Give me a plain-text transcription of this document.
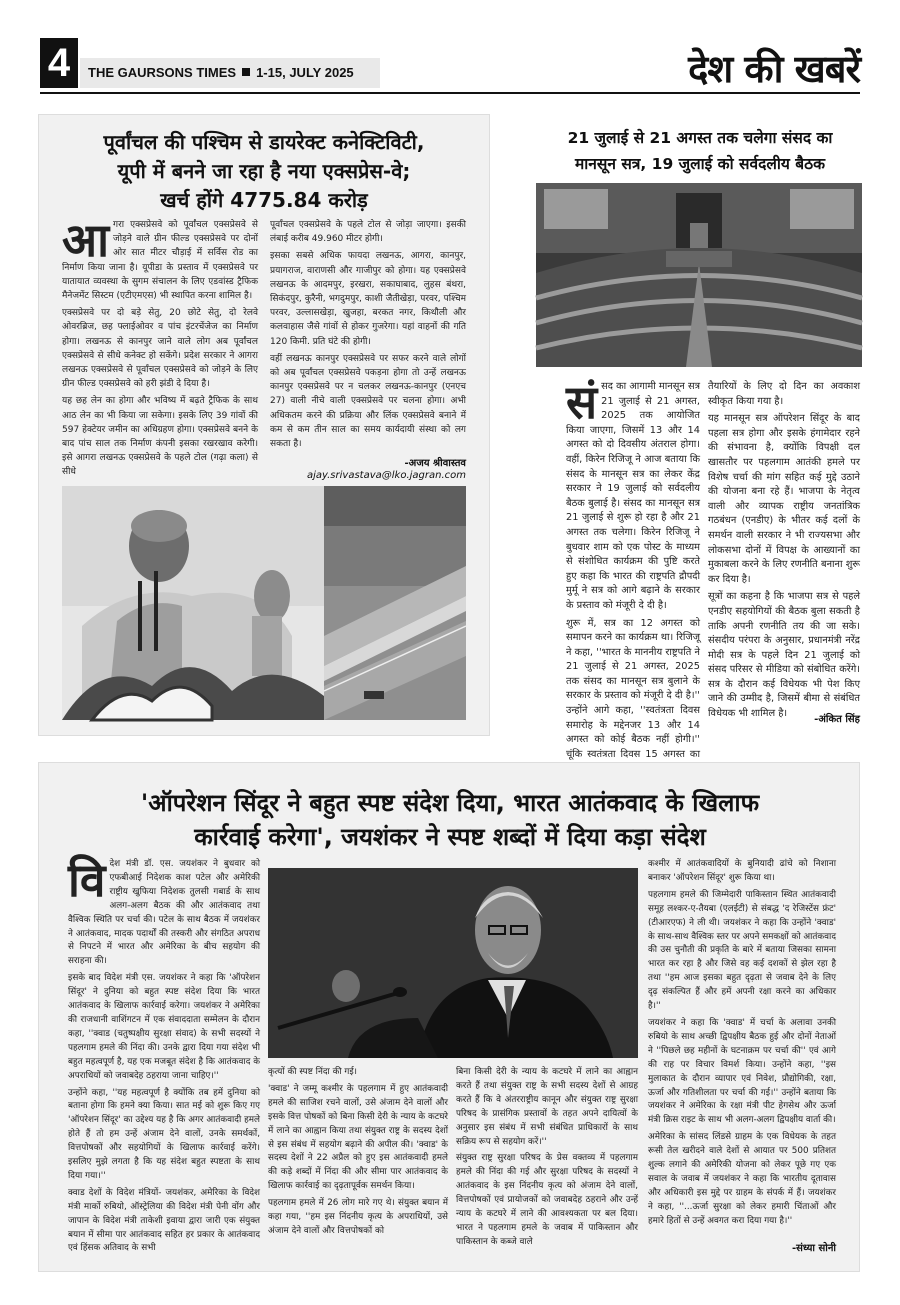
4	THE GAURSONS TIMES 1-15, JULY 2025	देश की खबरें
पूर्वांचल की पश्चिम से डायरेक्ट कनेक्टिविटी,
यूपी में बनने जा रहा है नया एक्सप्रेस-वे;
खर्च होंगे 4775.84 करोड़
आ गरा एक्सप्रेसवे को पूर्वांचल एक्सप्रेसवे से जोड़ने वाले ग्रीन फील्ड एक्सप्रेसवे पर दोनों ओर सात मीटर चौड़ाई में सर्विस रोड का निर्माण किया जाना है। यूपीडा के प्रस्ताव में एक्सप्रेसवे पर यातायात व्यवस्था के सुगम संचालन के लिए एडवांस्ड ट्रैफिक मैनेजमेंट सिस्टम (एटीएमएस) भी स्थापित करना शामिल है।

एक्सप्रेसवे पर दो बड़े सेतु, 20 छोटे सेतु, दो रेलवे ओवरब्रिज, छह फ्लाईओवर व पांच इंटरचेंजेज का निर्माण होगा। लखनऊ से कानपुर जाने वाले लोग अब पूर्वांचल एक्सप्रेसवे से सीधे कनेक्ट हो सकेंगे। प्रदेश सरकार ने आगरा लखनऊ एक्सप्रेसवे से पूर्वांचल एक्सप्रेसवे को जोड़ने के लिए ग्रीन फील्ड एक्सप्रेसवे को हरी झंडी दे दिया है।

यह छह लेन का होगा और भविष्य में बढ़ते ट्रैफिक के साथ आठ लेन का भी किया जा सकेगा। इसके लिए 39 गांवों की 597 हेक्टेयर जमीन का अधिग्रहण होगा। एक्सप्रेसवे बनने के बाद पांच साल तक निर्माण कंपनी इसका रखरखाव करेगी। इसे आगरा लखनऊ एक्सप्रेसवे के पहले टोल (गढ़ा कला) से सीधे

पूर्वांचल एक्सप्रेसवे के पहले टोल से जोड़ा जाएगा। इसकी लंबाई करीब 49.960 मीटर होगी।

इसका सबसे अधिक फायदा लखनऊ, आगरा, कानपुर, प्रयागराज, वाराणसी और गाजीपुर को होगा। यह एक्सप्रेसवे लखनऊ के आदमपुर, इरखरा, सकाघाबाद, लुहस बंथरा, सिकंदपुर, कुरैनी, भगदुमपुर, काशी जैतीखेड़ा, परवर, पश्चिम परवर, उल्लासखेड़ा, खुजहा, बरकत नगर, किथौली और कलवाहास जैसे गांवों से होकर गुजरेगा। यहां वाहनों की गति 120 किमी. प्रति घंटे की होगी।

वहीं लखनऊ कानपुर एक्सप्रेसवे पर सफर करने वाले लोगों को अब पूर्वांचल एक्सप्रेसवे पकड़ना होगा तो उन्हें लखनऊ कानपुर एक्सप्रेसवे पर न चलकर लखनऊ-कानपुर (एनएच 27) वाली नीचे वाली एक्सप्रेसवे पर चलना होगा। अभी अधिकतम करने की प्रक्रिया और लिंक एक्सप्रेसवे बनाने में कम से कम तीन साल का समय कार्यदायी संस्था को लग सकता है।

-अजय श्रीवास्तव
ajay.srivastava@lko.jagran.com
21 जुलाई से 21 अगस्त तक चलेगा संसद का
मानसून सत्र, 19 जुलाई को सर्वदलीय बैठक
सं सद का आगामी मानसून सत्र 21 जुलाई से 21 अगस्त, 2025 तक आयोजित किया जाएगा, जिसमें 13 और 14 अगस्त को दो दिवसीय अंतराल होगा। वहीं, किरेन रिजिजू ने आज बताया कि संसद के मानसून सत्र का लेकर केंद्र सरकार ने 19 जुलाई को सर्वदलीय बैठक बुलाई है। संसद का मानसून सत्र 21 जुलाई से शुरू हो रहा है और 21 अगस्त तक चलेगा। किरेन रिजिजू ने बुधवार शाम को एक पोस्ट के माध्यम से संशोधित कार्यक्रम की पुष्टि करते हुए कहा कि भारत की राष्ट्रपति द्रौपदी मुर्मू ने सत्र को आगे बढ़ाने के सरकार के प्रस्ताव को मंजूरी दे दी है।

शुरू में, सत्र का 12 अगस्त को समापन करने का कार्यक्रम था। रिजिजू ने कहा, ''भारत के माननीय राष्ट्रपति ने 21 जुलाई से 21 अगस्त, 2025 तक संसद का मानसून सत्र बुलाने के सरकार के प्रस्ताव को मंजूरी दे दी है।'' उन्होंने आगे कहा, ''स्वतंत्रता दिवस समारोह के मद्देनजर 13 और 14 अगस्त को कोई बैठक नहीं होगी।'' चूंकि स्वतंत्रता दिवस 15 अगस्त का

तैयारियों के लिए दो दिन का अवकाश स्वीकृत किया गया है।

यह मानसून सत्र ऑपरेशन सिंदूर के बाद पहला सत्र होगा और इसके हंगामेदार रहने की संभावना है, क्योंकि विपक्षी दल खासतौर पर पहलगाम आतंकी हमले पर विशेष चर्चा की मांग सहित कई मुद्दे उठाने की योजना बना रहे हैं। भाजपा के नेतृत्व वाली और व्यापक राष्ट्रीय जनतांत्रिक गठबंधन (एनडीए) के भीतर कई दलों के समर्थन वाली सरकार ने भी राज्यसभा और लोकसभा दोनों में विपक्ष के आख्यानों का मुकाबला करने के लिए रणनीति बनाना शुरू कर दिया है।

सूत्रों का कहना है कि भाजपा सत्र से पहले एनडीए सहयोगियों की बैठक बुला सकती है ताकि अपनी रणनीति तय की जा सके। संसदीय परंपरा के अनुसार, प्रधानमंत्री नरेंद्र मोदी सत्र के पहले दिन 21 जुलाई को संसद परिसर से मीडिया को संबोधित करेंगे। सत्र के दौरान कई विधेयक भी पेश किए जाने की उम्मीद है, जिसमें बीमा से संबंधित विधेयक भी शामिल है।

-अंकित सिंह
'ऑपरेशन सिंदूर ने बहुत स्पष्ट संदेश दिया, भारत आतंकवाद के खिलाफ
कार्रवाई करेगा', जयशंकर ने स्पष्ट शब्दों में दिया कड़ा संदेश
वि देश मंत्री डॉ. एस. जयशंकर ने बुधवार को एफबीआई निदेशक काश पटेल और अमेरिकी राष्ट्रीय खुफिया निदेशक तुलसी गबार्ड के साथ अलग-अलग बैठक की और आतंकवाद तथा वैश्विक स्थिति पर चर्चा की। पटेल के साथ बैठक में जयशंकर ने आतंकवाद, मादक पदार्थों की तस्करी और संगठित अपराध से निपटने में भारत और अमेरिका के बीच सहयोग की सराहना की।

इसके बाद विदेश मंत्री एस. जयशंकर ने कहा कि 'ऑपरेशन सिंदूर' ने दुनिया को बहुत स्पष्ट संदेश दिया कि भारत आतंकवाद के खिलाफ कार्रवाई करेगा। जयशंकर ने अमेरिका की राजधानी वाशिंगटन में एक संवाददाता सम्मेलन के दौरान कहा, ''क्वाड (चतुष्पक्षीय सुरक्षा संवाद) के सभी सदस्यों ने पहलगाम हमले की निंदा की। उनके द्वारा दिया गया संदेश भी बहुत महत्वपूर्ण है, यह एक मजबूत संदेश है कि आतंकवाद के अपराधियों को जवाबदेह ठहराया जाना चाहिए।''

उन्होंने कहा, ''यह महत्वपूर्ण है क्योंकि तब हमें दुनिया को बताना होगा कि हमने क्या किया। सात मई को शुरू किए गए 'ऑपरेशन सिंदूर' का उद्देश्य यह है कि अगर आतंकवादी हमले होते हैं तो हम उन्हें अंजाम देने वालों, उनके समर्थकों, वित्तपोषकों और सहयोगियों के खिलाफ कार्रवाई करेंगे। इसलिए मुझे लगता है कि यह संदेश बहुत स्पष्टता के साथ दिया गया।''

क्वाड देशों के विदेश मंत्रियों- जयशंकर, अमेरिका के विदेश मंत्री मार्को रुबियो, ऑस्ट्रेलिया की विदेश मंत्री पेनी वोंग और जापान के विदेश मंत्री ताकेशी इवाया द्वारा जारी एक संयुक्त बयान में सीमा पार आतंकवाद सहित हर प्रकार के आतंकवाद एवं हिंसक अतिवाद के सभी

कृत्यों की स्पष्ट निंदा की गई।

'क्वाड' ने जम्मू कश्मीर के पहलगाम में हुए आतंकवादी हमले की साजिश रचने वालों, उसे अंजाम देने वालों और इसके वित्त पोषकों को बिना किसी देरी के न्याय के कटघरे में लाने का आह्वान किया तथा संयुक्त राष्ट्र के सदस्य देशों से इस संबंध में सहयोग बढ़ाने की अपील की। 'क्वाड' के सदस्य देशों ने 22 अप्रैल को हुए इस आतंकवादी हमले की कड़े शब्दों में निंदा की और सीमा पार आतंकवाद के खिलाफ कार्रवाई का दृढ़तापूर्वक समर्थन किया।

पहलगाम हमले में 26 लोग मारे गए थे। संयुक्त बयान में कहा गया, ''हम इस निंदनीय कृत्य के अपराधियों, उसे अंजाम देने वालों और वित्तपोषकों को

बिना किसी देरी के न्याय के कटघरे में लाने का आह्वान करते हैं तथा संयुक्त राष्ट्र के सभी सदस्य देशों से आग्रह करते हैं कि वे अंतरराष्ट्रीय कानून और संयुक्त राष्ट्र सुरक्षा परिषद के प्रासंगिक प्रस्तावों के तहत अपने दायित्वों के अनुसार इस संबंध में सभी संबंधित प्राधिकारों के साथ सक्रिय रूप से सहयोग करें।''

संयुक्त राष्ट्र सुरक्षा परिषद के प्रेस वक्तव्य में पहलगाम हमले की निंदा की गई और सुरक्षा परिषद के सदस्यों ने आतंकवाद के इस निंदनीय कृत्य को अंजाम देने वालों, वित्तपोषकों एवं प्रायोजकों को जवाबदेह ठहराने और उन्हें न्याय के कटघरे में लाने की आवश्यकता पर बल दिया। भारत ने पहलगाम हमले के जवाब में पाकिस्तान और पाकिस्तान के कब्जे वाले

कश्मीर में आतंकवादियों के बुनियादी ढांचे को निशाना बनाकर 'ऑपरेशन सिंदूर' शुरू किया था।

पहलगाम हमले की जिम्मेदारी पाकिस्तान स्थित आतंकवादी समूह लश्कर-ए-तैयबा (एलईटी) से संबद्ध 'द रेजिस्टेंस फ्रंट' (टीआरएफ) ने ली थी। जयशंकर ने कहा कि उन्होंने 'क्वाड' के साथ-साथ वैश्विक स्तर पर अपने समकक्षों को आतंकवाद की उस चुनौती की प्रकृति के बारे में बताया जिसका सामना भारत कर रहा है और जिसे वह कई दशकों से झेल रहा है तथा ''हम आज इसका बहुत दृढ़ता से जवाब देने के लिए दृढ़ संकल्पित हैं और हमें अपनी रक्षा करने का अधिकार है।''

जयशंकर ने कहा कि 'क्वाड' में चर्चा के अलावा उनकी रुबियो के साथ अच्छी द्विपक्षीय बैठक हुई और दोनों नेताओं ने ''पिछले छह महीनों के घटनाक्रम पर चर्चा की'' एवं आगे की राह पर विचार विमर्श किया। उन्होंने कहा, ''इस मुलाकात के दौरान व्यापार एवं निवेश, प्रौद्योगिकी, रक्षा, ऊर्जा और गतिशीलता पर चर्चा की गई।'' उन्होंने बताया कि जयशंकर ने अमेरिका के रक्षा मंत्री पीट हेगसेथ और ऊर्जा मंत्री क्रिस राइट के साथ भी अलग-अलग द्विपक्षीय वार्ता की।

अमेरिका के सांसद लिंडसे ग्राहम के एक विधेयक के तहत रूसी तेल खरीदने वाले देशों से आयात पर 500 प्रतिशत शुल्क लगाने की अमेरिकी योजना को लेकर पूछे गए एक सवाल के जवाब में जयशंकर ने कहा कि भारतीय दूतावास और अधिकारी इस मुद्दे पर ग्राहम के संपर्क में हैं। जयशंकर ने कहा, ''...ऊर्जा सुरक्षा को लेकर हमारी चिंताओं और हमारे हितों से उन्हें अवगत करा दिया गया है।''

-संध्या सोनी
